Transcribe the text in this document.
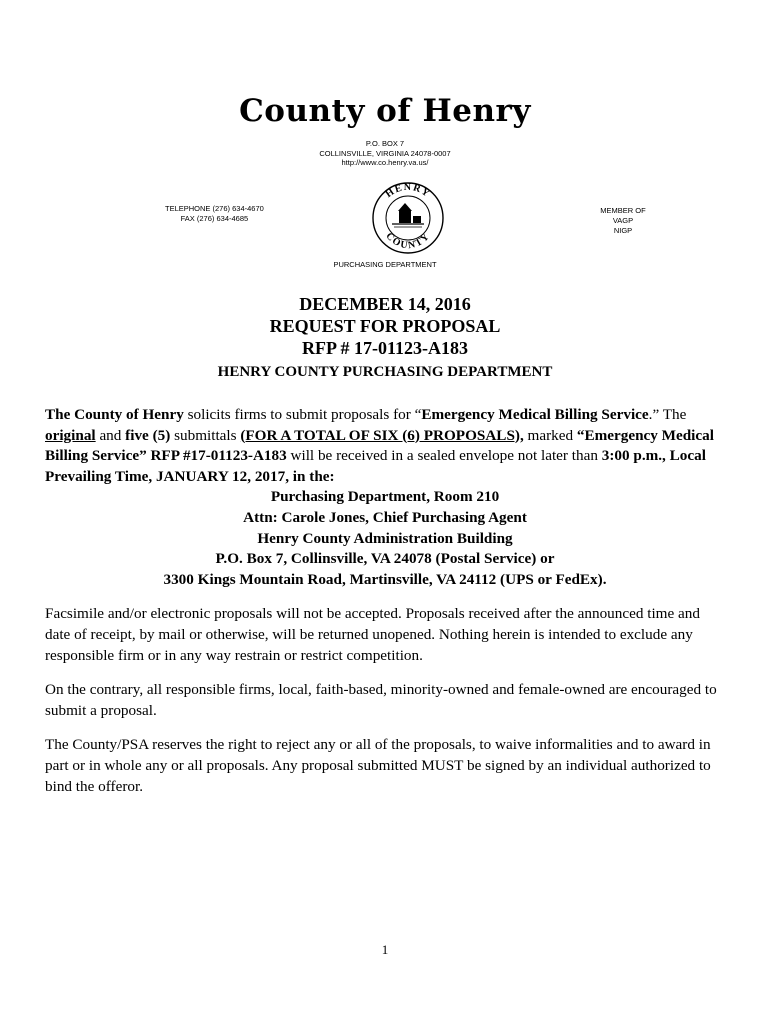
County of Henry
P.O. BOX 7
COLLINSVILLE, VIRGINIA 24078-0007
http://www.co.henry.va.us/
TELEPHONE (276) 634-4670
FAX (276) 634-4685
HENRY
COUNTY
MEMBER OF
VAGP
NIGP
PURCHASING DEPARTMENT
DECEMBER 14, 2016
REQUEST FOR PROPOSAL
RFP # 17-01123-A183
HENRY COUNTY PURCHASING DEPARTMENT

The County of Henry solicits firms to submit proposals for “Emergency Medical Billing Service.” The original and five (5) submittals (FOR A TOTAL OF SIX (6) PROPOSALS), marked “Emergency Medical Billing Service” RFP #17-01123-A183 will be received in a sealed envelope not later than 3:00 p.m., Local Prevailing Time, JANUARY 12, 2017, in the:

Purchasing Department, Room 210
Attn: Carole Jones, Chief Purchasing Agent
Henry County Administration Building
P.O. Box 7, Collinsville, VA 24078 (Postal Service) or
3300 Kings Mountain Road, Martinsville, VA 24112 (UPS or FedEx).

Facsimile and/or electronic proposals will not be accepted. Proposals received after the announced time and date of receipt, by mail or otherwise, will be returned unopened. Nothing herein is intended to exclude any responsible firm or in any way restrain or restrict competition.

On the contrary, all responsible firms, local, faith-based, minority-owned and female-owned are encouraged to submit a proposal.

The County/PSA reserves the right to reject any or all of the proposals, to waive informalities and to award in part or in whole any or all proposals. Any proposal submitted MUST be signed by an individual authorized to bind the offeror.

1
